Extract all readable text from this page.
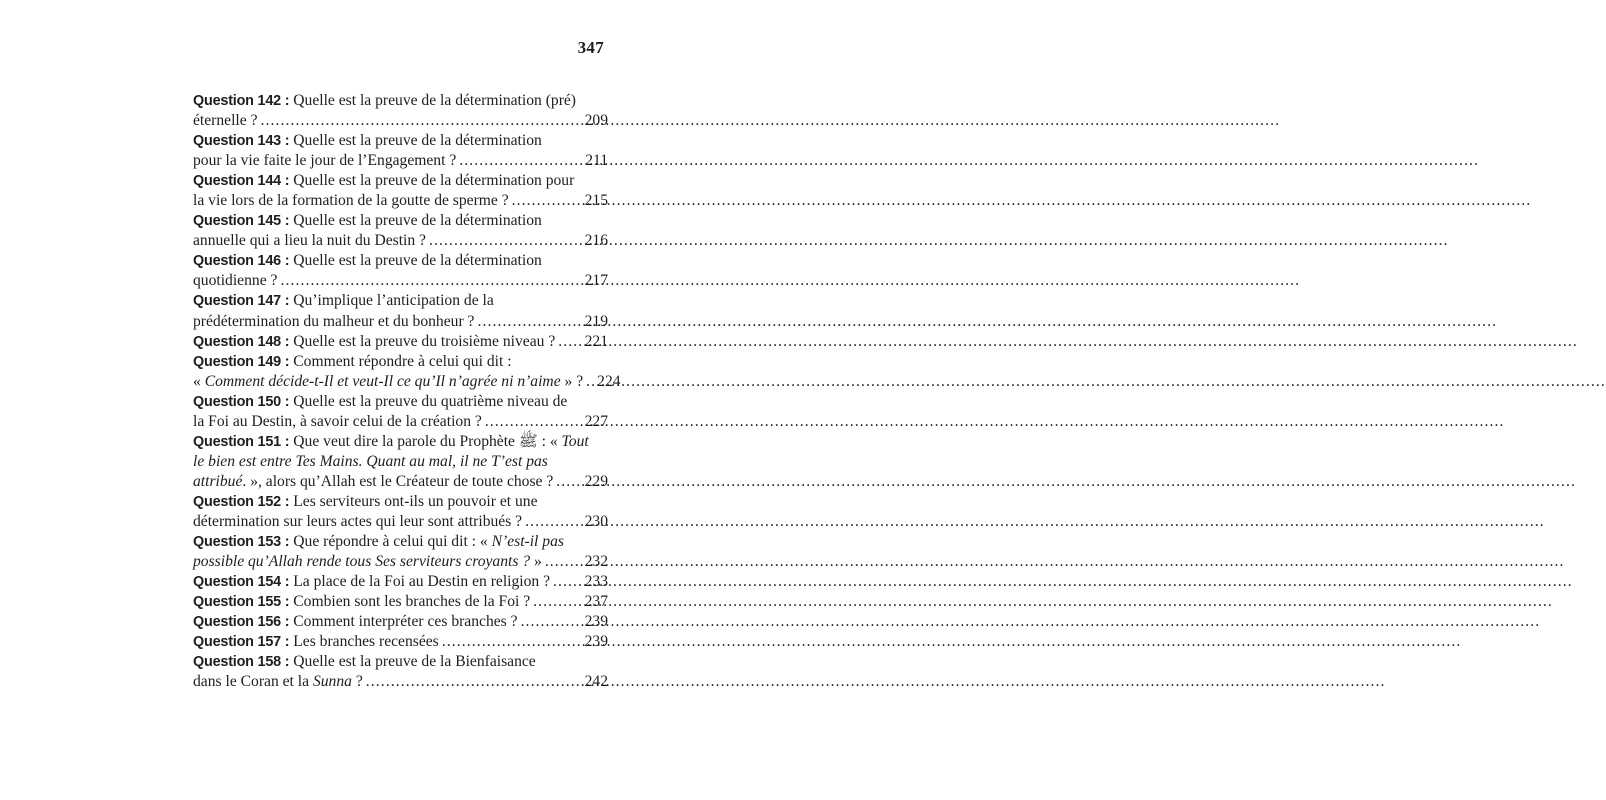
347
Question 142 : Quelle est la preuve de la détermination (pré)
éternelle ? .....	209
Question 143 : Quelle est la preuve de la détermination
pour la vie faite le jour de l’Engagement ? .....	211
Question 144 : Quelle est la preuve de la détermination pour
la vie lors de la formation de la goutte de sperme ? .....	215
Question 145 : Quelle est la preuve de la détermination
annuelle qui a lieu la nuit du Destin ? .....	216
Question 146 : Quelle est la preuve de la détermination
quotidienne ? .....	217
Question 147 : Qu’implique l’anticipation de la
prédétermination du malheur et du bonheur ? .....	219
Question 148 : Quelle est la preuve du troisième niveau ? ..... 221
Question 149 : Comment répondre à celui qui dit :
« Comment décide-t-Il et veut-Il ce qu’Il n’agrée ni n’aime » ? ..... 224
Question 150 : Quelle est la preuve du quatrième niveau de
la Foi au Destin, à savoir celui de la création ? .....	227
Question 151 : Que veut dire la parole du Prophète ﷺ : « Tout
le bien est entre Tes Mains. Quant au mal, il ne T’est pas
attribué. », alors qu’Allah est le Créateur de toute chose ? ..... 229
Question 152 : Les serviteurs ont-ils un pouvoir et une
détermination sur leurs actes qui leur sont attribués ? .....	230
Question 153 : Que répondre à celui qui dit : « N’est-il pas
possible qu’Allah rende tous Ses serviteurs croyants ? » .....	232
Question 154 : La place de la Foi au Destin en religion ? ..... 233
Question 155 : Combien sont les branches de la Foi ? .....	237
Question 156 : Comment interpréter ces branches ? .....	239
Question 157 : Les branches recensées .....	239
Question 158 : Quelle est la preuve de la Bienfaisance
dans le Coran et la Sunna ? .....	242
